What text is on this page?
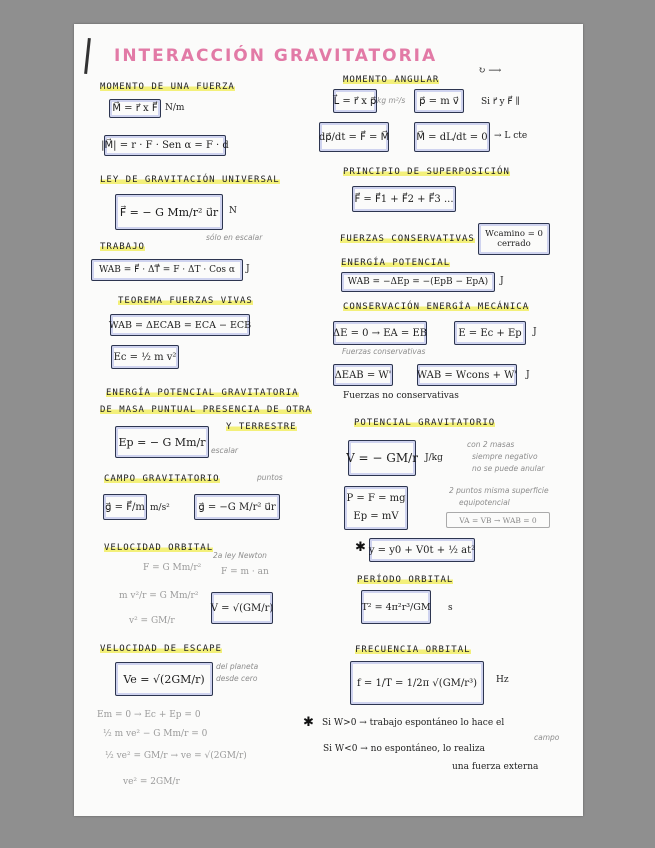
INTERACCIÓN GRAVITATORIA
MOMENTO DE UNA FUERZA
M⃗ = r⃗ x F⃗ N/m
|M⃗| = r · F · Sen α = F · d
LEY DE GRAVITACIÓN UNIVERSAL
F⃗ = − G Mm/r² u⃗r	N
TRABAJO
sólo en escalar
WAB = F⃗ · ΔT⃗ = F · ΔT · Cos α	J
TEOREMA FUERZAS VIVAS
WAB = ΔECAB = ECA − ECB
Ec = ½ m v²
ENERGÍA POTENCIAL GRAVITATORIA
DE MASA PUNTUAL PRESENCIA DE OTRA
Y TERRESTRE
Ep = − G Mm/r
escalar
CAMPO GRAVITATORIO	puntos
g⃗ = F⃗/m m/s²	g⃗ = −G M/r² u⃗r
VELOCIDAD ORBITAL
F = G Mm/r²
2a ley Newton
F = m · an
m v²/r = G Mm/r²
v² = GM/r
V = √(GM/r)
VELOCIDAD DE ESCAPE
Ve = √(2GM/r)
del planeta
desde cero
Em = 0 → Ec + Ep = 0
½ m ve² − G Mm/r = 0
½ ve² = GM/r → ve = √(2GM/r)
ve² = 2GM/r
MOMENTO ANGULAR
↻ ⟶
L⃗ = r⃗ x p⃗ kg m²/s	p⃗ = m v⃗	Si r⃗ y F⃗ ∥
dp⃗/dt = F⃗ = M⃗	M⃗ = dL/dt = 0 → L cte
PRINCIPIO DE SUPERPOSICIÓN
F⃗ = F⃗1 + F⃗2 + F⃗3 ...
FUERZAS CONSERVATIVAS	Wcamino = 0 cerrado
ENERGÍA POTENCIAL
WAB = −ΔEp = −(EpB − EpA)	J
CONSERVACIÓN ENERGÍA MECÁNICA
ΔE = 0 → EA = EB	E = Ec + Ep	J
Fuerzas conservativas
ΔEAB = W'	WAB = Wcons + W' J
Fuerzas no conservativas
POTENCIAL GRAVITATORIO
V = − GM/r J/kg
con 2 masas
siempre negativo
no se puede anular
P = F = mg
Ep = mV
2 puntos misma superficie
equipotencial
VA = VB → WAB = 0
✱ y = y0 + V0t + ½ at²
PERÍODO ORBITAL
T² = 4π²r³/GM s
FRECUENCIA ORBITAL
f = 1/T = 1/2π √(GM/r³)	Hz
✱ Si W>0 → trabajo espontáneo lo hace el
campo
Si W<0 → no espontáneo, lo realiza
una fuerza externa
